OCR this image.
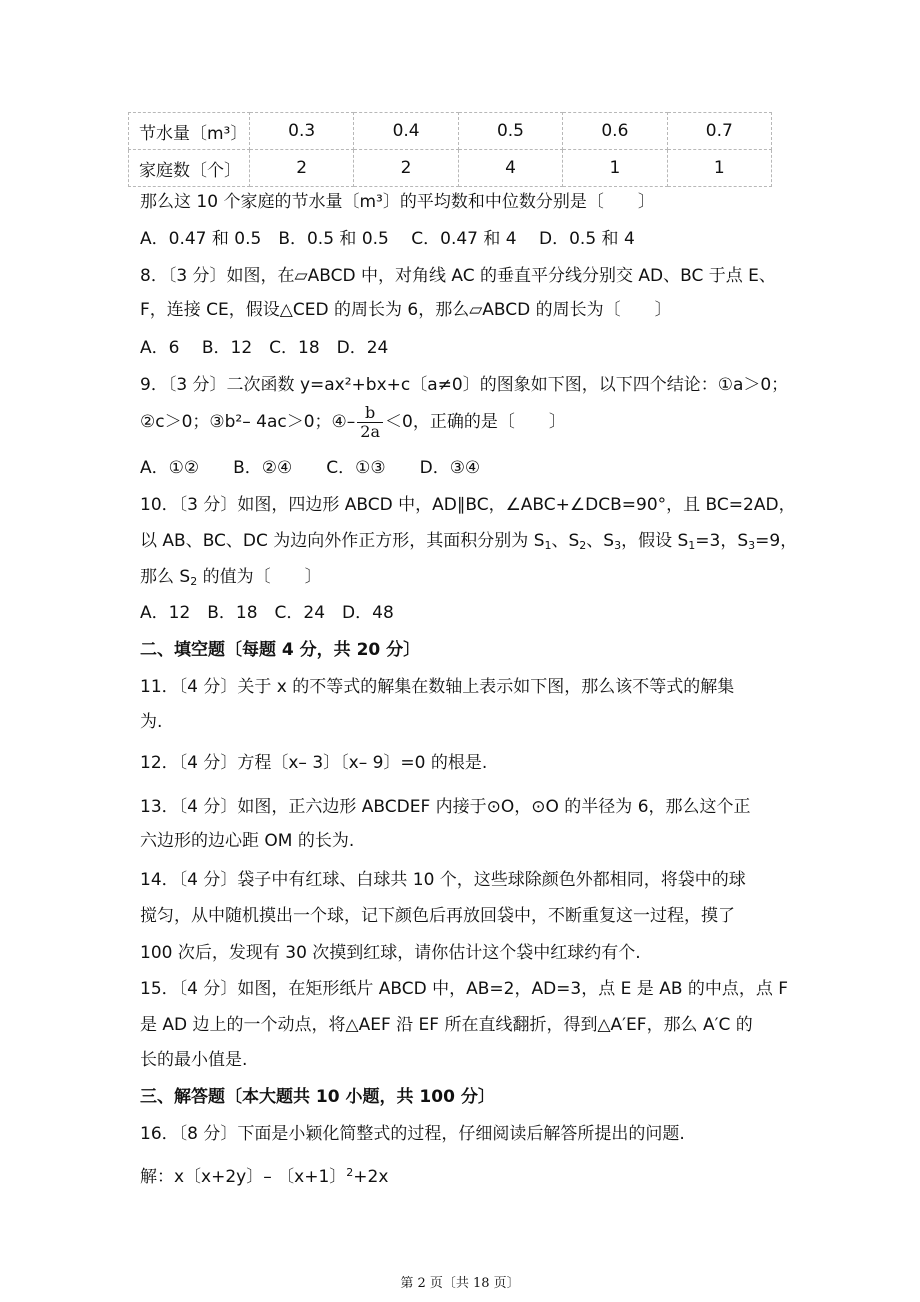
节水量〔m³〕	0.3	0.4	0.5	0.6	0.7
家庭数〔个〕	2	2	4	1	1
那么这 10 个家庭的节水量〔m³〕的平均数和中位数分别是〔　　〕
A．0.47 和 0.5　B．0.5 和 0.5　 C．0.47 和 4　 D．0.5 和 4
8．〔3 分〕如图，在▱ABCD 中，对角线 AC 的垂直平分线分别交 AD、BC 于点 E、
F，连接 CE，假设△CED 的周长为 6，那么▱ABCD 的周长为〔　　〕
A．6　 B．12　C．18　D．24
9．〔3 分〕二次函数 y=ax²+bx+c〔a≠0〕的图象如下图，以下四个结论：①a＞0；
②c＞0；③b²– 4ac＞0；④– $\frac{b}{2a} <0$，正确的是〔　　〕
A．①②　　B．②④　　C．①③　　D．③④
10．〔3 分〕如图，四边形 ABCD 中，AD∥BC，∠ABC+∠DCB=90°，且 BC=2AD，
以 AB、BC、DC 为边向外作正方形，其面积分别为 $S_1$、$S_2$、$S_3$，假设 $S_1=3$，$S_3=9$，
那么 $S_2$ 的值为〔　　〕
A．12　B．18　C．24　D．48
二、填空题〔每题 4 分，共 20 分〕
11．〔4 分〕关于 x 的不等式的解集在数轴上表示如下图，那么该不等式的解集
为.
12．〔4 分〕方程〔x– 3〕〔x– 9〕=0 的根是.
13．〔4 分〕如图，正六边形 ABCDEF 内接于⊙O，⊙O 的半径为 6，那么这个正
六边形的边心距 OM 的长为.
14．〔4 分〕袋子中有红球、白球共 10 个，这些球除颜色外都相同，将袋中的球
搅匀，从中随机摸出一个球，记下颜色后再放回袋中，不断重复这一过程，摸了
100 次后，发现有 30 次摸到红球，请你估计这个袋中红球约有个.
15．〔4 分〕如图，在矩形纸片 ABCD 中，AB=2，AD=3，点 E 是 AB 的中点，点 F
是 AD 边上的一个动点，将△AEF 沿 EF 所在直线翻折，得到△A′EF，那么 A′C 的
长的最小值是.
三、解答题〔本大题共 10 小题，共 100 分〕
16．〔8 分〕下面是小颖化简整式的过程，仔细阅读后解答所提出的问题.
解：x〔x+2y〕– 〔x+1〕$^2$+2x
第 2 页〔共 18 页〕
